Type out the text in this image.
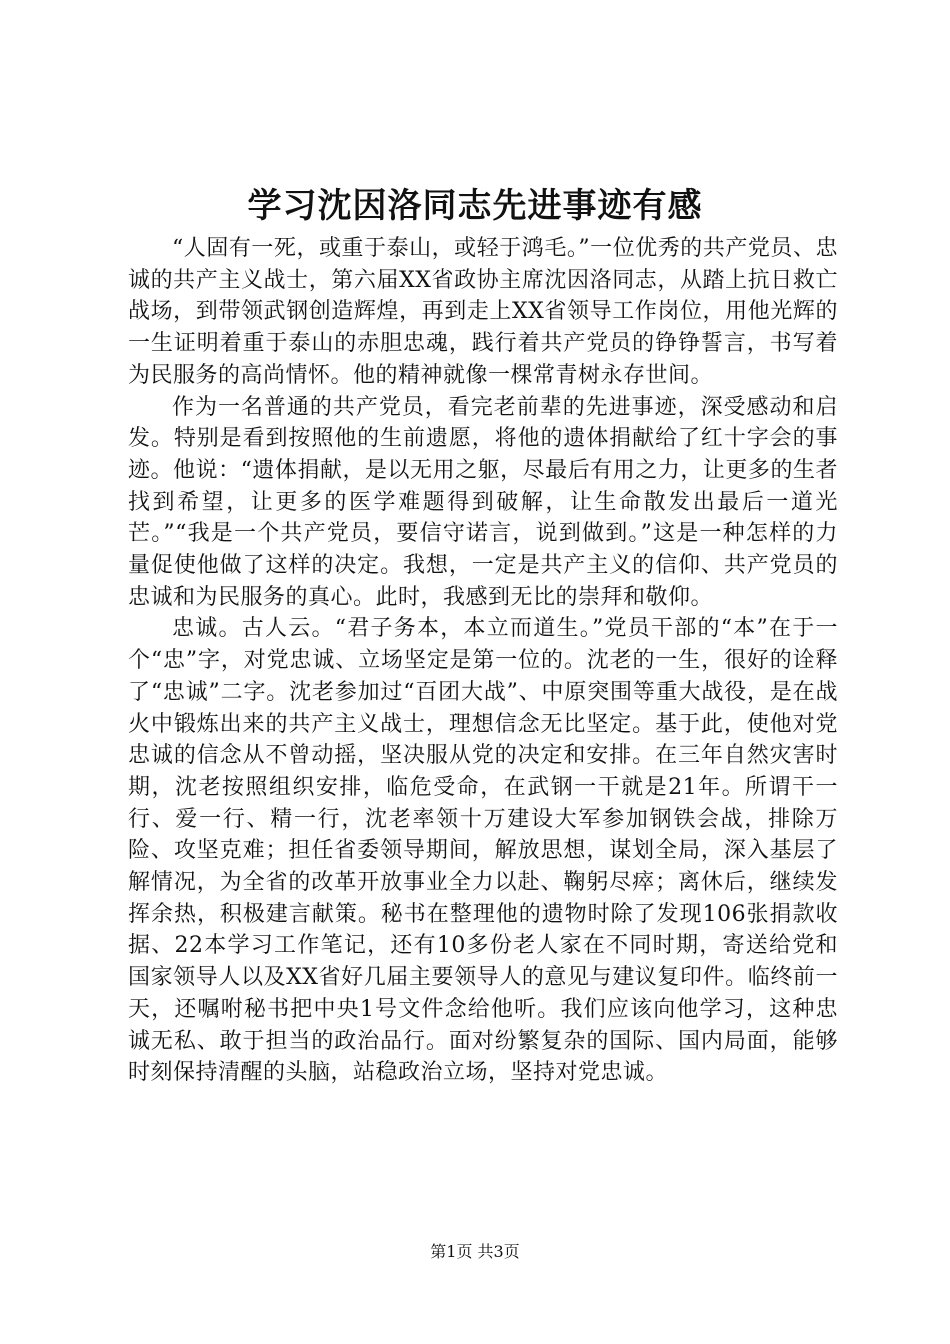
学习沈因洛同志先进事迹有感

“人固有一死，或重于泰山，或轻于鸿毛。”一位优秀的共产党员、忠诚的共产主义战士，第六届XX省政协主席沈因洛同志，从踏上抗日救亡战场，到带领武钢创造辉煌，再到走上XX省领导工作岗位，用他光辉的一生证明着重于泰山的赤胆忠魂，践行着共产党员的铮铮誓言，书写着为民服务的高尚情怀。他的精神就像一棵常青树永存世间。

作为一名普通的共产党员，看完老前辈的先进事迹，深受感动和启发。特别是看到按照他的生前遗愿，将他的遗体捐献给了红十字会的事迹。他说：“遗体捐献，是以无用之躯，尽最后有用之力，让更多的生者找到希望，让更多的医学难题得到破解，让生命散发出最后一道光芒。”“我是一个共产党员，要信守诺言，说到做到。”这是一种怎样的力量促使他做了这样的决定。我想，一定是共产主义的信仰、共产党员的忠诚和为民服务的真心。此时，我感到无比的崇拜和敬仰。

忠诚。古人云。“君子务本，本立而道生。”党员干部的“本”在于一个“忠”字，对党忠诚、立场坚定是第一位的。沈老的一生，很好的诠释了“忠诚”二字。沈老参加过“百团大战”、中原突围等重大战役，是在战火中锻炼出来的共产主义战士，理想信念无比坚定。基于此，使他对党忠诚的信念从不曾动摇，坚决服从党的决定和安排。在三年自然灾害时期，沈老按照组织安排，临危受命，在武钢一干就是21年。所谓干一行、爱一行、精一行，沈老率领十万建设大军参加钢铁会战，排除万险、攻坚克难；担任省委领导期间，解放思想，谋划全局，深入基层了解情况，为全省的改革开放事业全力以赴、鞠躬尽瘁；离休后，继续发挥余热，积极建言献策。秘书在整理他的遗物时除了发现106张捐款收据、22本学习工作笔记，还有10多份老人家在不同时期，寄送给党和国家领导人以及XX省好几届主要领导人的意见与建议复印件。临终前一天，还嘱咐秘书把中央1号文件念给他听。我们应该向他学习，这种忠诚无私、敢于担当的政治品行。面对纷繁复杂的国际、国内局面，能够时刻保持清醒的头脑，站稳政治立场，坚持对党忠诚。

第1页 共3页
